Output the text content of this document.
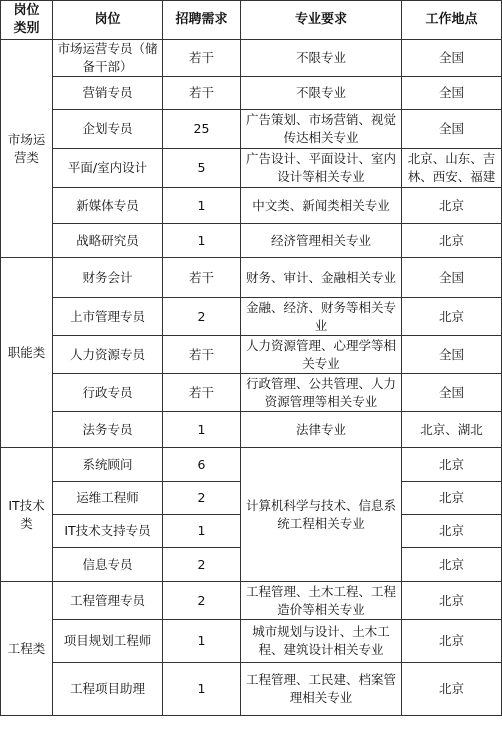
岗位类别	岗位	招聘需求	专业要求	工作地点
市场运营类	市场运营专员（储备干部）	若干	不限专业	全国
	营销专员	若干	不限专业	全国
	企划专员	25	广告策划、市场营销、视觉传达相关专业	全国
	平面/室内设计	5	广告设计、平面设计、室内设计等相关专业	北京、山东、吉林、西安、福建
	新媒体专员	1	中文类、新闻类相关专业	北京
	战略研究员	1	经济管理相关专业	北京
职能类	财务会计	若干	财务、审计、金融相关专业	全国
	上市管理专员	2	金融、经济、财务等相关专业	北京
	人力资源专员	若干	人力资源管理、心理学等相关专业	全国
	行政专员	若干	行政管理、公共管理、人力资源管理等相关专业	全国
	法务专员	1	法律专业	北京、湖北
IT技术类	系统顾问	6	计算机科学与技术、信息系统工程相关专业	北京
	运维工程师	2		北京
	IT技术支持专员	1		北京
	信息专员	2		北京
工程类	工程管理专员	2	工程管理、土木工程、工程造价等相关专业	北京
	项目规划工程师	1	城市规划与设计、土木工程、建筑设计相关专业	北京
	工程项目助理	1	工程管理、工民建、档案管理相关专业	北京
